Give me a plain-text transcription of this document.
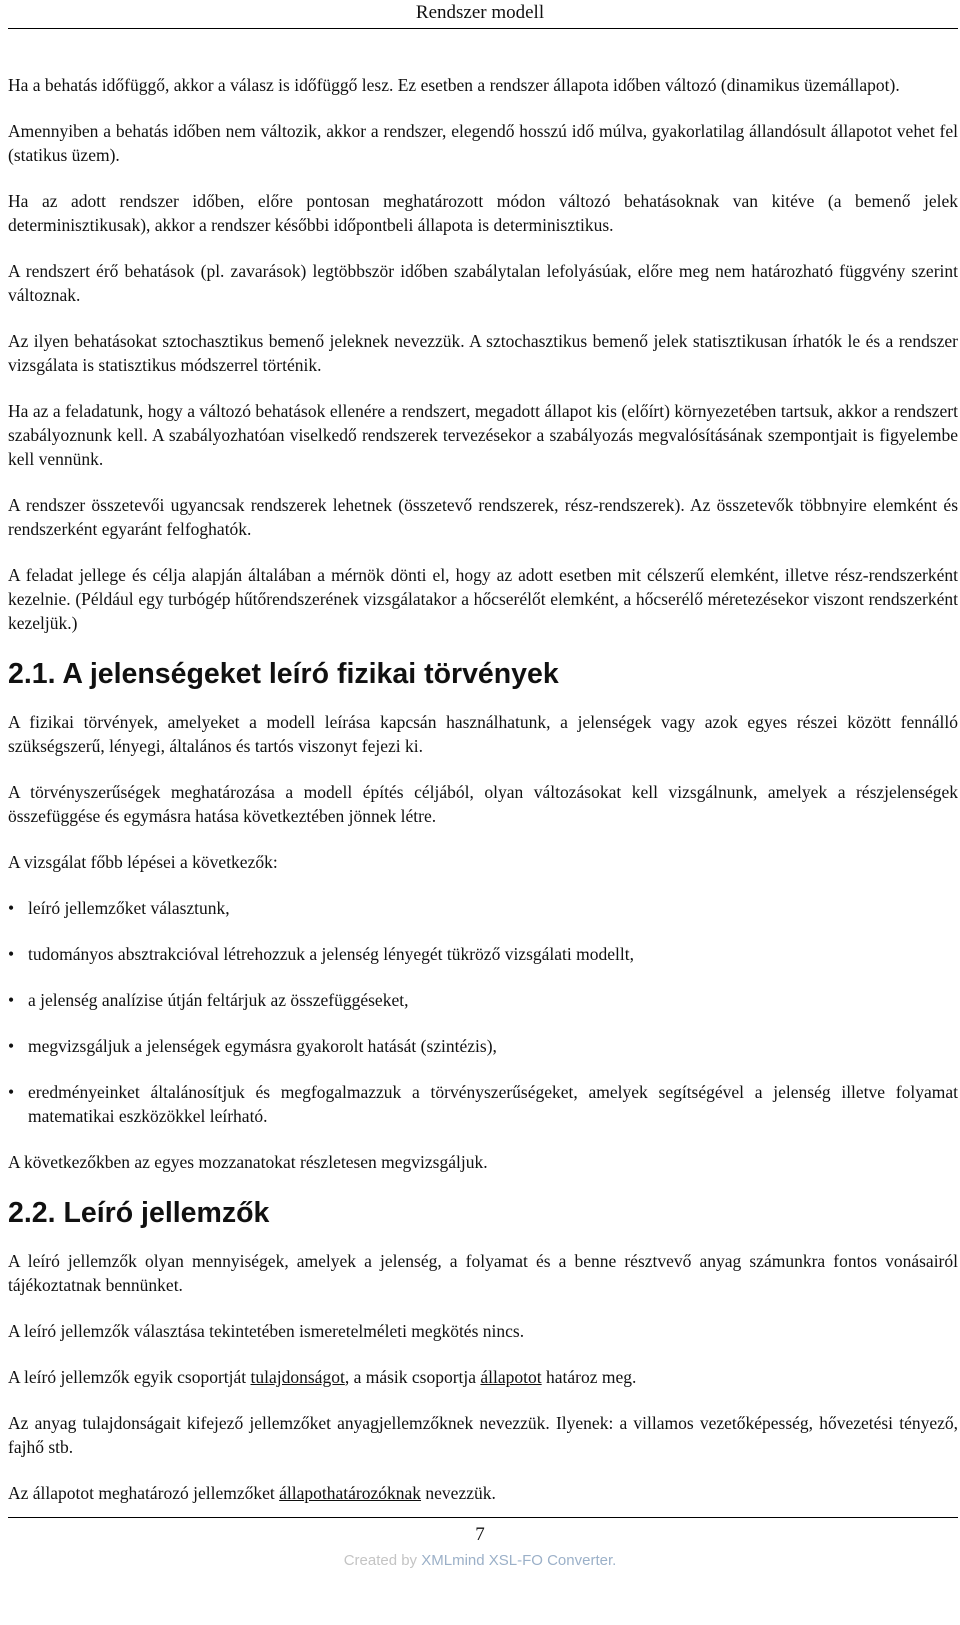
Rendszer modell

Ha a behatás időfüggő, akkor a válasz is időfüggő lesz. Ez esetben a rendszer állapota időben változó (dinamikus üzemállapot).

Amennyiben a behatás időben nem változik, akkor a rendszer, elegendő hosszú idő múlva, gyakorlatilag állandósult állapotot vehet fel (statikus üzem).

Ha az adott rendszer időben, előre pontosan meghatározott módon változó behatásoknak van kitéve (a bemenő jelek determinisztikusak), akkor a rendszer későbbi időpontbeli állapota is determinisztikus.

A rendszert érő behatások (pl. zavarások) legtöbbször időben szabálytalan lefolyásúak, előre meg nem határozható függvény szerint változnak.

Az ilyen behatásokat sztochasztikus bemenő jeleknek nevezzük. A sztochasztikus bemenő jelek statisztikusan írhatók le és a rendszer vizsgálata is statisztikus módszerrel történik.

Ha az a feladatunk, hogy a változó behatások ellenére a rendszert, megadott állapot kis (előírt) környezetében tartsuk, akkor a rendszert szabályoznunk kell. A szabályozhatóan viselkedő rendszerek tervezésekor a szabályozás megvalósításának szempontjait is figyelembe kell vennünk.

A rendszer összetevői ugyancsak rendszerek lehetnek (összetevő rendszerek, rész-rendszerek). Az összetevők többnyire elemként és rendszerként egyaránt felfoghatók.

A feladat jellege és célja alapján általában a mérnök dönti el, hogy az adott esetben mit célszerű elemként, illetve rész-rendszerként kezelnie. (Például egy turbógép hűtőrendszerének vizsgálatakor a hőcserélőt elemként, a hőcserélő méretezésekor viszont rendszerként kezeljük.)

2.1. A jelenségeket leíró fizikai törvények

A fizikai törvények, amelyeket a modell leírása kapcsán használhatunk, a jelenségek vagy azok egyes részei között fennálló szükségszerű, lényegi, általános és tartós viszonyt fejezi ki.

A törvényszerűségek meghatározása a modell építés céljából, olyan változásokat kell vizsgálnunk, amelyek a részjelenségek összefüggése és egymásra hatása következtében jönnek létre.

A vizsgálat főbb lépései a következők:

• leíró jellemzőket választunk,
• tudományos absztrakcióval létrehozzuk a jelenség lényegét tükröző vizsgálati modellt,
• a jelenség analízise útján feltárjuk az összefüggéseket,
• megvizsgáljuk a jelenségek egymásra gyakorolt hatását (szintézis),
• eredményeinket általánosítjuk és megfogalmazzuk a törvényszerűségeket, amelyek segítségével a jelenség illetve folyamat matematikai eszközökkel leírható.

A következőkben az egyes mozzanatokat részletesen megvizsgáljuk.

2.2. Leíró jellemzők

A leíró jellemzők olyan mennyiségek, amelyek a jelenség, a folyamat és a benne résztvevő anyag számunkra fontos vonásairól tájékoztatnak bennünket.

A leíró jellemzők választása tekintetében ismeretelméleti megkötés nincs.

A leíró jellemzők egyik csoportját tulajdonságot, a másik csoportja állapotot határoz meg.

Az anyag tulajdonságait kifejező jellemzőket anyagjellemzőknek nevezzük. Ilyenek: a villamos vezetőképesség, hővezetési tényező, fajhő stb.

Az állapotot meghatározó jellemzőket állapothatározóknak nevezzük.

7
Created by XMLmind XSL-FO Converter.
